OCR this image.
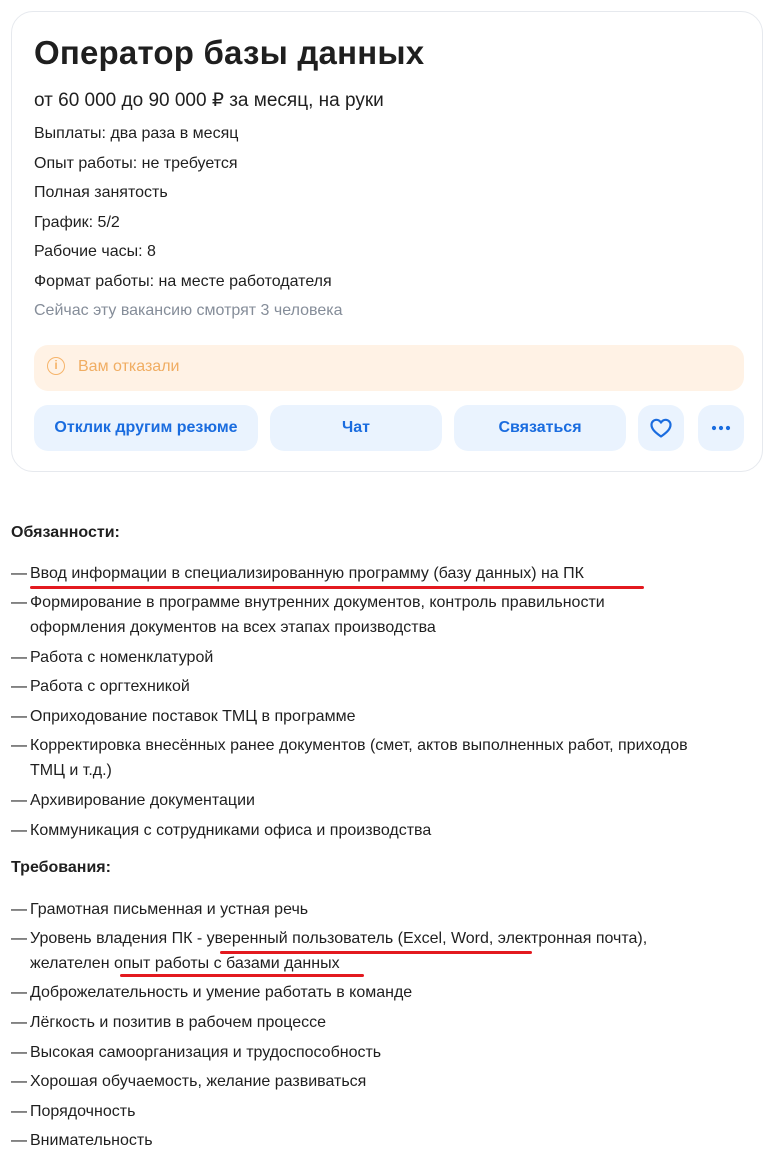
Оператор базы данных
от 60 000 до 90 000 ₽ за месяц, на руки
Выплаты: два раза в месяц
Опыт работы: не требуется
Полная занятость
График: 5/2
Рабочие часы: 8
Формат работы: на месте работодателя
Сейчас эту вакансию смотрят 3 человека
i	Вам отказали
Отклик другим резюме	Чат	Связаться
Обязанности:
— Ввод информации в специализированную программу (базу данных) на ПК
— Формирование в программе внутренних документов, контроль правильности
оформления документов на всех этапах производства
— Работа с номенклатурой
— Работа с оргтехникой
— Оприходование поставок ТМЦ в программе
— Корректировка внесённых ранее документов (смет, актов выполненных работ, приходов
ТМЦ и т.д.)
— Архивирование документации
— Коммуникация с сотрудниками офиса и производства
Требования:
— Грамотная письменная и устная речь
— Уровень владения ПК - уверенный пользователь (Excel, Word, электронная почта),
желателен опыт работы с базами данных
— Доброжелательность и умение работать в команде
— Лёгкость и позитив в рабочем процессе
— Высокая самоорганизация и трудоспособность
— Хорошая обучаемость, желание развиваться
— Порядочность
— Внимательность
